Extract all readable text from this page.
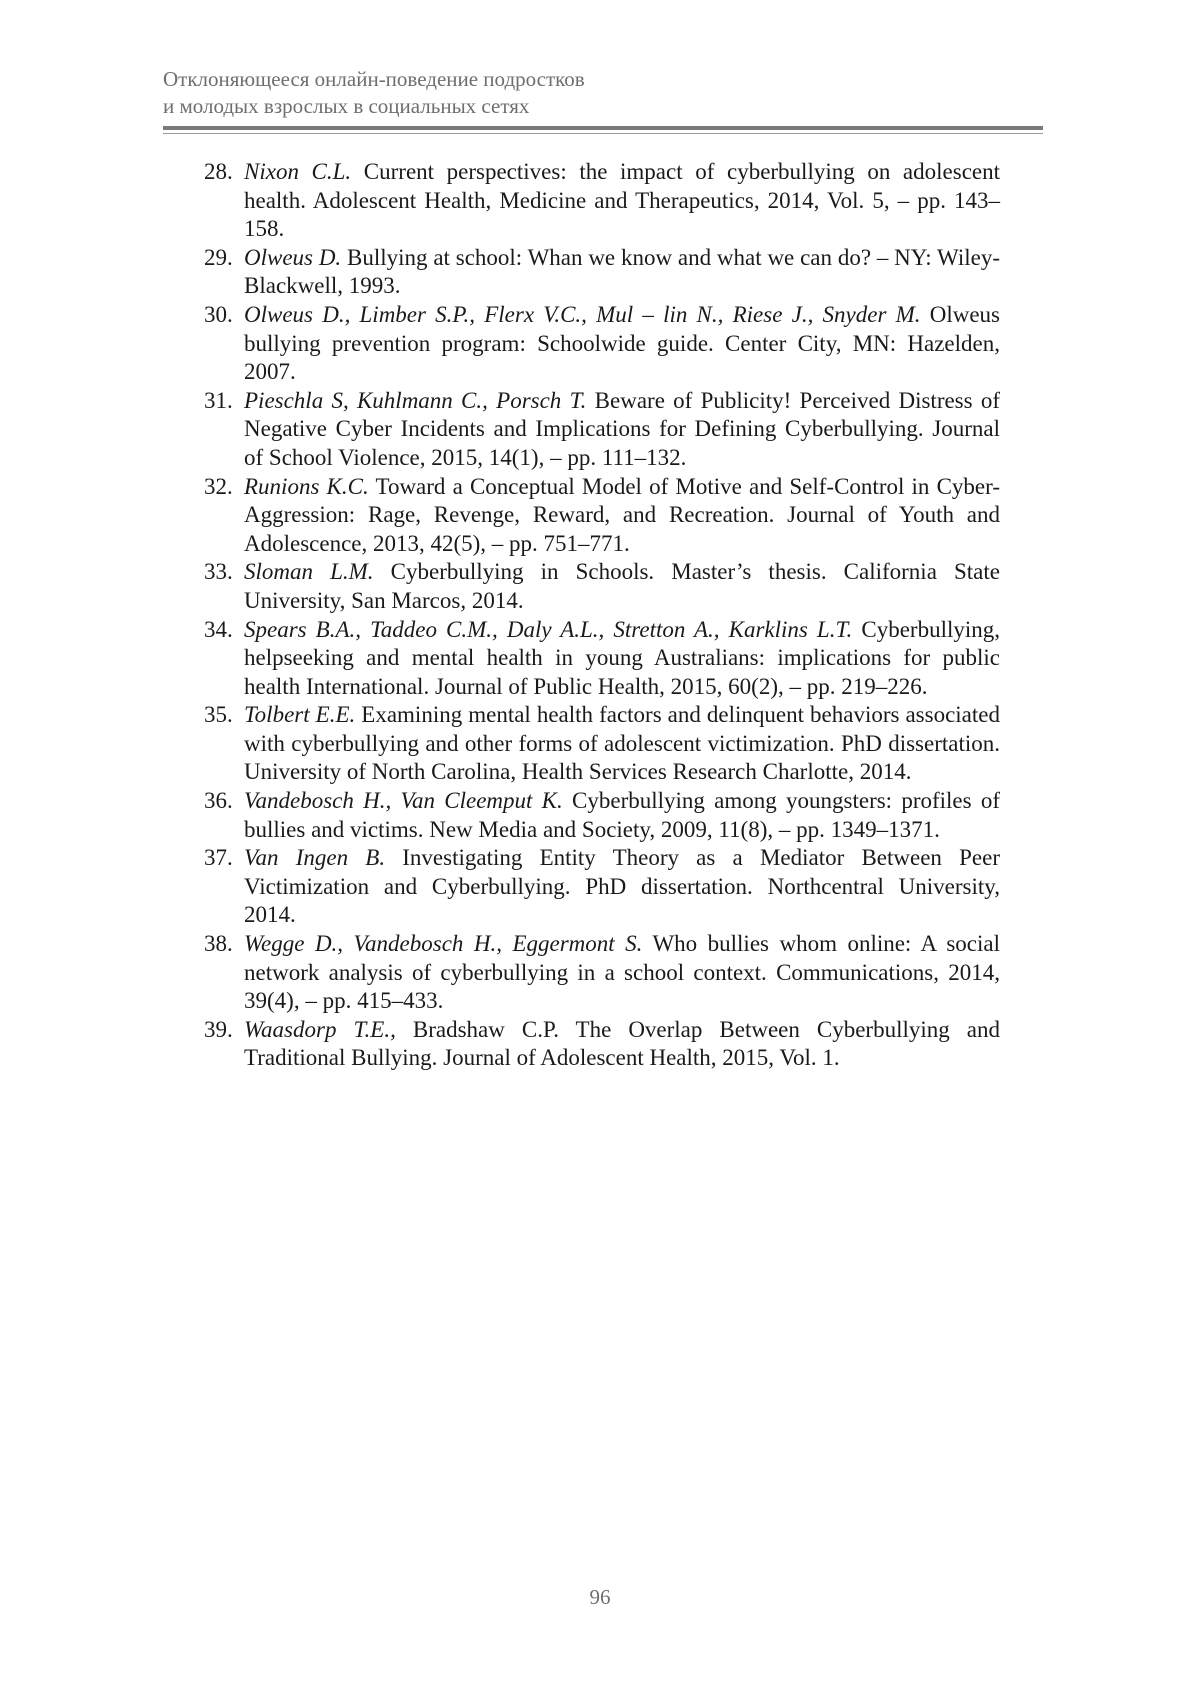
Отклоняющееся онлайн-поведение подростков
и молодых взрослых в социальных сетях
28. Nixon C.L. Current perspectives: the impact of cyberbullying on adolescent health. Adolescent Health, Medicine and Therapeutics, 2014, Vol. 5, – pp. 143–158.
29. Olweus D. Bullying at school: Whan we know and what we can do? – NY: Wiley-Blackwell, 1993.
30. Olweus D., Limber S.P., Flerx V.C., Mul – lin N., Riese J., Snyder M. Olweus bullying prevention program: Schoolwide guide. Center City, MN: Hazelden, 2007.
31. Pieschla S, Kuhlmann C., Porsch T. Beware of Publicity! Perceived Distress of Negative Cyber Incidents and Implications for Defining Cyberbullying. Journal of School Violence, 2015, 14(1), – pp. 111–132.
32. Runions K.C. Toward a Conceptual Model of Motive and Self-Control in Cyber-Aggression: Rage, Revenge, Reward, and Recreation. Journal of Youth and Adolescence, 2013, 42(5), – pp. 751–771.
33. Sloman L.M. Cyberbullying in Schools. Master’s thesis. California State University, San Marcos, 2014.
34. Spears B.A., Taddeo C.M., Daly A.L., Stretton A., Karklins L.T. Cyberbullying, helpseeking and mental health in young Australians: implications for public health International. Journal of Public Health, 2015, 60(2), – pp. 219–226.
35. Tolbert E.E. Examining mental health factors and delinquent behaviors associated with cyberbullying and other forms of adolescent victimization. PhD dissertation. University of North Carolina, Health Services Research Charlotte, 2014.
36. Vandebosch H., Van Cleemput K. Cyberbullying among youngsters: profiles of bullies and victims. New Media and Society, 2009, 11(8), – pp. 1349–1371.
37. Van Ingen B. Investigating Entity Theory as a Mediator Between Peer Victimization and Cyberbullying. PhD dissertation. Northcentral University, 2014.
38. Wegge D., Vandebosch H., Eggermont S. Who bullies whom online: A social network analysis of cyberbullying in a school context. Communications, 2014, 39(4), – pp. 415–433.
39. Waasdorp T.E., Bradshaw C.P. The Overlap Between Cyberbullying and Traditional Bullying. Journal of Adolescent Health, 2015, Vol. 1.
96
